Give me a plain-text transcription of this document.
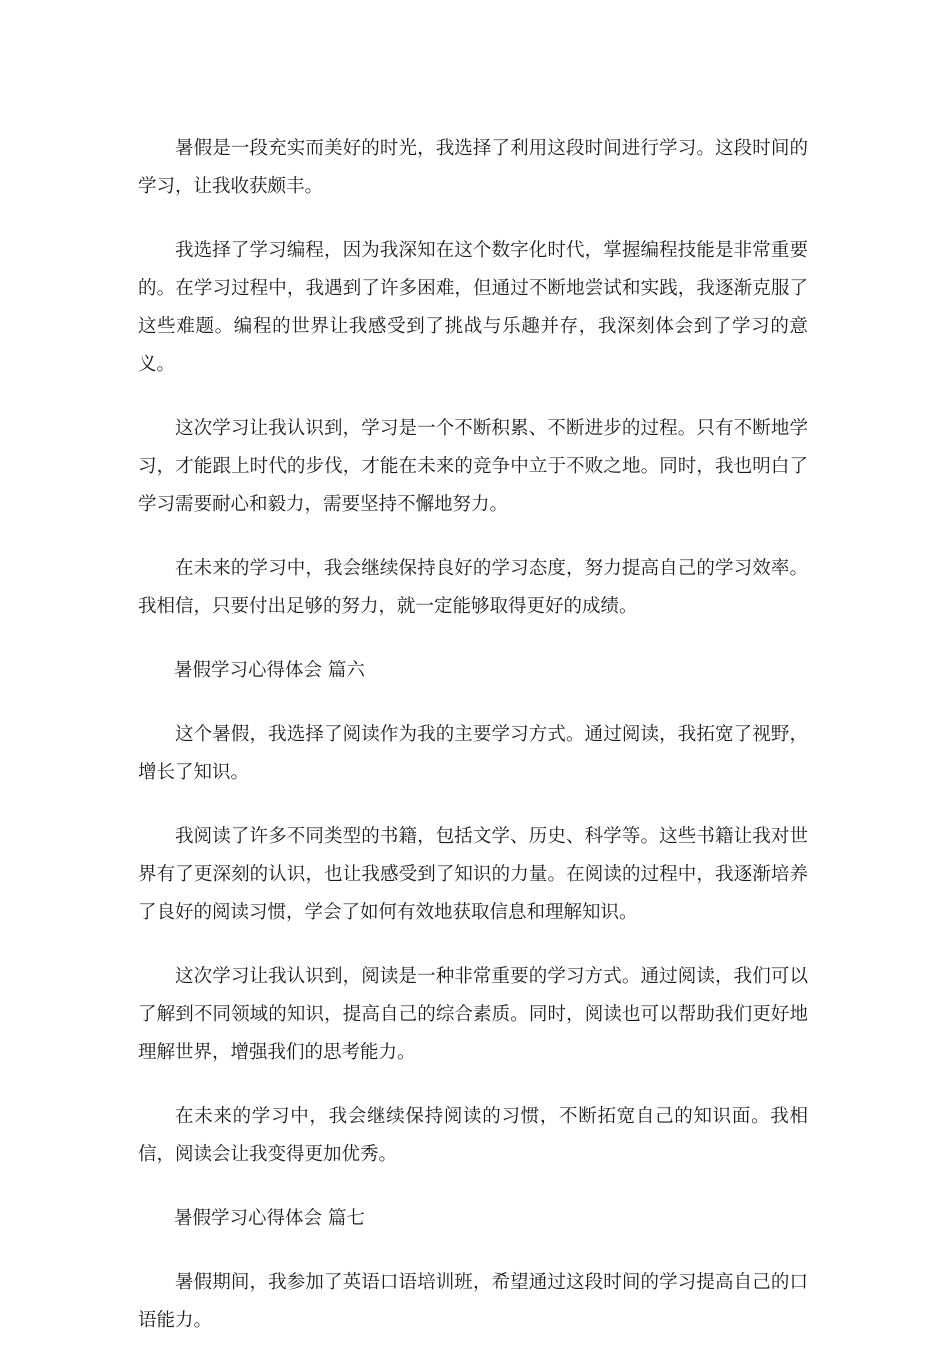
暑假是一段充实而美好的时光，我选择了利用这段时间进行学习。这段时间的学习，让我收获颇丰。

我选择了学习编程，因为我深知在这个数字化时代，掌握编程技能是非常重要的。在学习过程中，我遇到了许多困难，但通过不断地尝试和实践，我逐渐克服了这些难题。编程的世界让我感受到了挑战与乐趣并存，我深刻体会到了学习的意义。

这次学习让我认识到，学习是一个不断积累、不断进步的过程。只有不断地学习，才能跟上时代的步伐，才能在未来的竞争中立于不败之地。同时，我也明白了学习需要耐心和毅力，需要坚持不懈地努力。

在未来的学习中，我会继续保持良好的学习态度，努力提高自己的学习效率。我相信，只要付出足够的努力，就一定能够取得更好的成绩。

暑假学习心得体会 篇六

这个暑假，我选择了阅读作为我的主要学习方式。通过阅读，我拓宽了视野，增长了知识。

我阅读了许多不同类型的书籍，包括文学、历史、科学等。这些书籍让我对世界有了更深刻的认识，也让我感受到了知识的力量。在阅读的过程中，我逐渐培养了良好的阅读习惯，学会了如何有效地获取信息和理解知识。

这次学习让我认识到，阅读是一种非常重要的学习方式。通过阅读，我们可以了解到不同领域的知识，提高自己的综合素质。同时，阅读也可以帮助我们更好地理解世界，增强我们的思考能力。

在未来的学习中，我会继续保持阅读的习惯，不断拓宽自己的知识面。我相信，阅读会让我变得更加优秀。

暑假学习心得体会 篇七

暑假期间，我参加了英语口语培训班，希望通过这段时间的学习提高自己的口语能力。
